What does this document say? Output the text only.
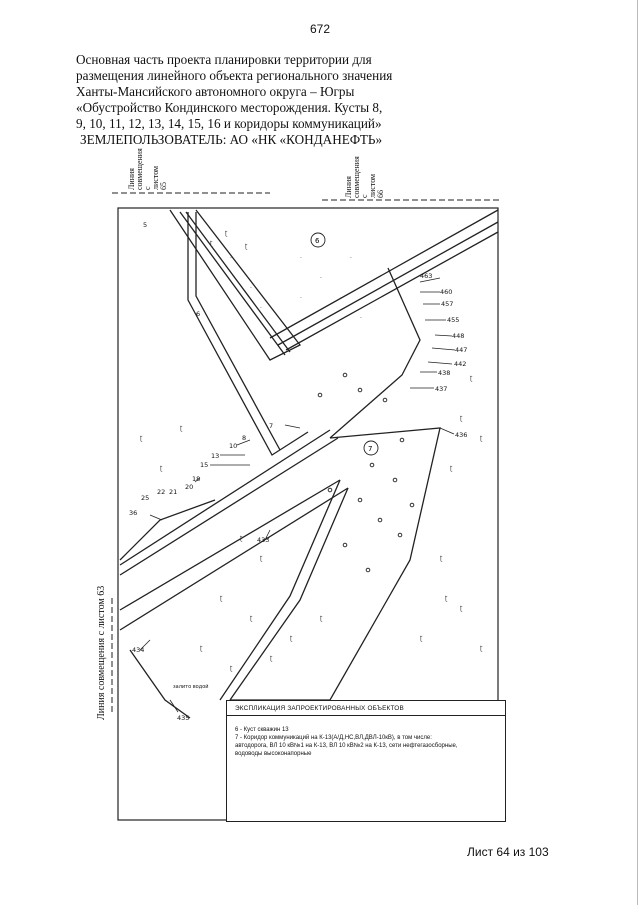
672
Основная часть проекта планировки территории для
размещения линейного объекта регионального значения
Ханты-Мансийского автономного округа – Югры
«Обустройство Кондинского месторождения. Кусты 8,
9, 10, 11, 12, 13, 14, 15, 16 и коридоры коммуникаций»
ЗЕМЛЕПОЛЬЗОВАТЕЛЬ: АО «НК «КОНДАНЕФТЬ»
ʈ
ʈ
ʈ
ʈ
ʈ
ʈ
ʈ
ʈ
ʈ
ʈ
ʈ
ʈ
ʈ
ʈ
ʈ
ʈ
ʈ
ʈ
ʈ
ʈ
ʈ
·
·
·
·
·	·
·
·
·
ʈ
ʈ
ʈ
5
6
7
8
10
13
15
18
20
21
22
25
36
433
434
435
436
437
438
442
447
448
455
457
460
463
залито водой
6
7
Линия совмещения с листом 65	Линия совмещения с листом 66
Линия совмещения с листом 63	ЭКСПЛИКАЦИЯ ЗАПРОЕКТИРОВАННЫХ ОБЪЕКТОВ
6 - Куст скважин 13
7 - Коридор коммуникаций на К-13(А/Д,НС,ВЛ,ДВЛ-10кВ), в том числе:
автодорога, ВЛ 10 кВ№1 на К-13, ВЛ 10 кВ№2 на К-13, сети нефтегазосборные,
водоводы высоконапорные
Лист 64 из 103
